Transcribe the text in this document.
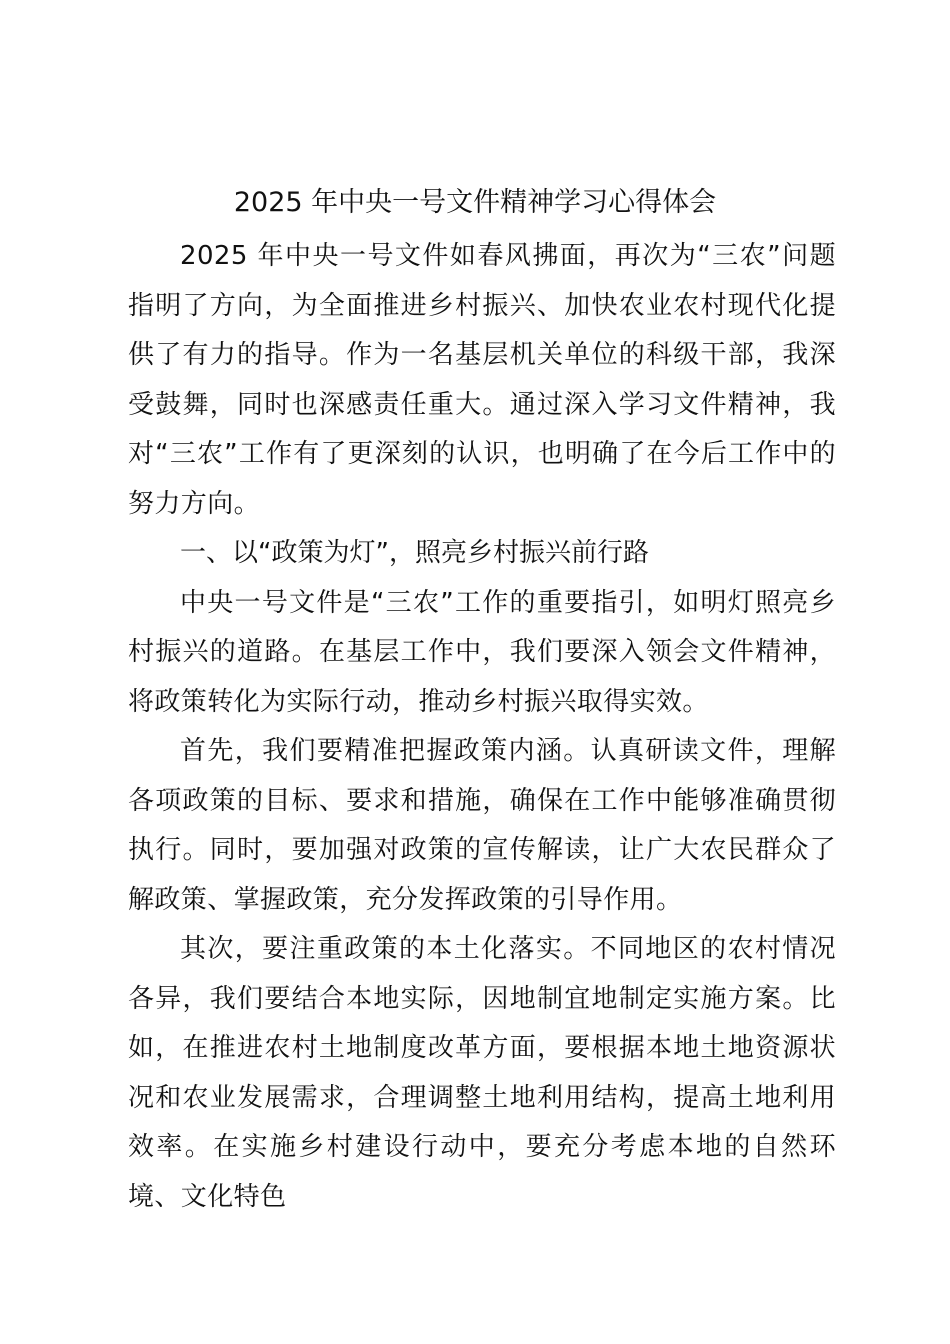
2025 年中央一号文件精神学习心得体会

2025 年中央一号文件如春风拂面，再次为“三农”问题指明了方向，为全面推进乡村振兴、加快农业农村现代化提供了有力的指导。作为一名基层机关单位的科级干部，我深受鼓舞，同时也深感责任重大。通过深入学习文件精神，我对“三农”工作有了更深刻的认识，也明确了在今后工作中的努力方向。

一、以“政策为灯”，照亮乡村振兴前行路

中央一号文件是“三农”工作的重要指引，如明灯照亮乡村振兴的道路。在基层工作中，我们要深入领会文件精神，将政策转化为实际行动，推动乡村振兴取得实效。

首先，我们要精准把握政策内涵。认真研读文件，理解各项政策的目标、要求和措施，确保在工作中能够准确贯彻执行。同时，要加强对政策的宣传解读，让广大农民群众了解政策、掌握政策，充分发挥政策的引导作用。

其次，要注重政策的本土化落实。不同地区的农村情况各异，我们要结合本地实际，因地制宜地制定实施方案。比如，在推进农村土地制度改革方面，要根据本地土地资源状况和农业发展需求，合理调整土地利用结构，提高土地利用效率。在实施乡村建设行动中，要充分考虑本地的自然环境、文化特色
